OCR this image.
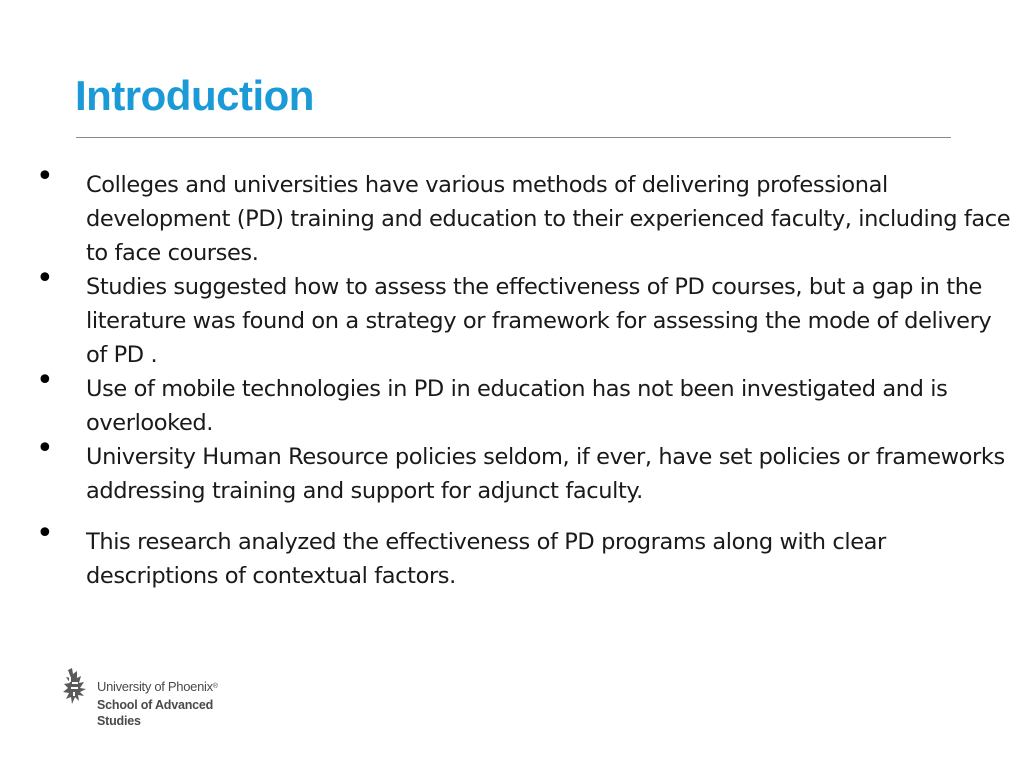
Introduction
• Colleges and universities have various methods of delivering professional development (PD) training and education to their experienced faculty, including face to face courses.
• Studies suggested how to assess the effectiveness of PD courses, but a gap in the literature was found on a strategy or framework for assessing the mode of delivery of PD .
• Use of mobile technologies in PD in education has not been investigated and is overlooked.
• University Human Resource policies seldom, if ever, have set policies or frameworks addressing training and support for adjunct faculty.
• This research analyzed the effectiveness of PD programs along with clear descriptions of contextual factors.
University of Phoenix®
School of Advanced Studies
